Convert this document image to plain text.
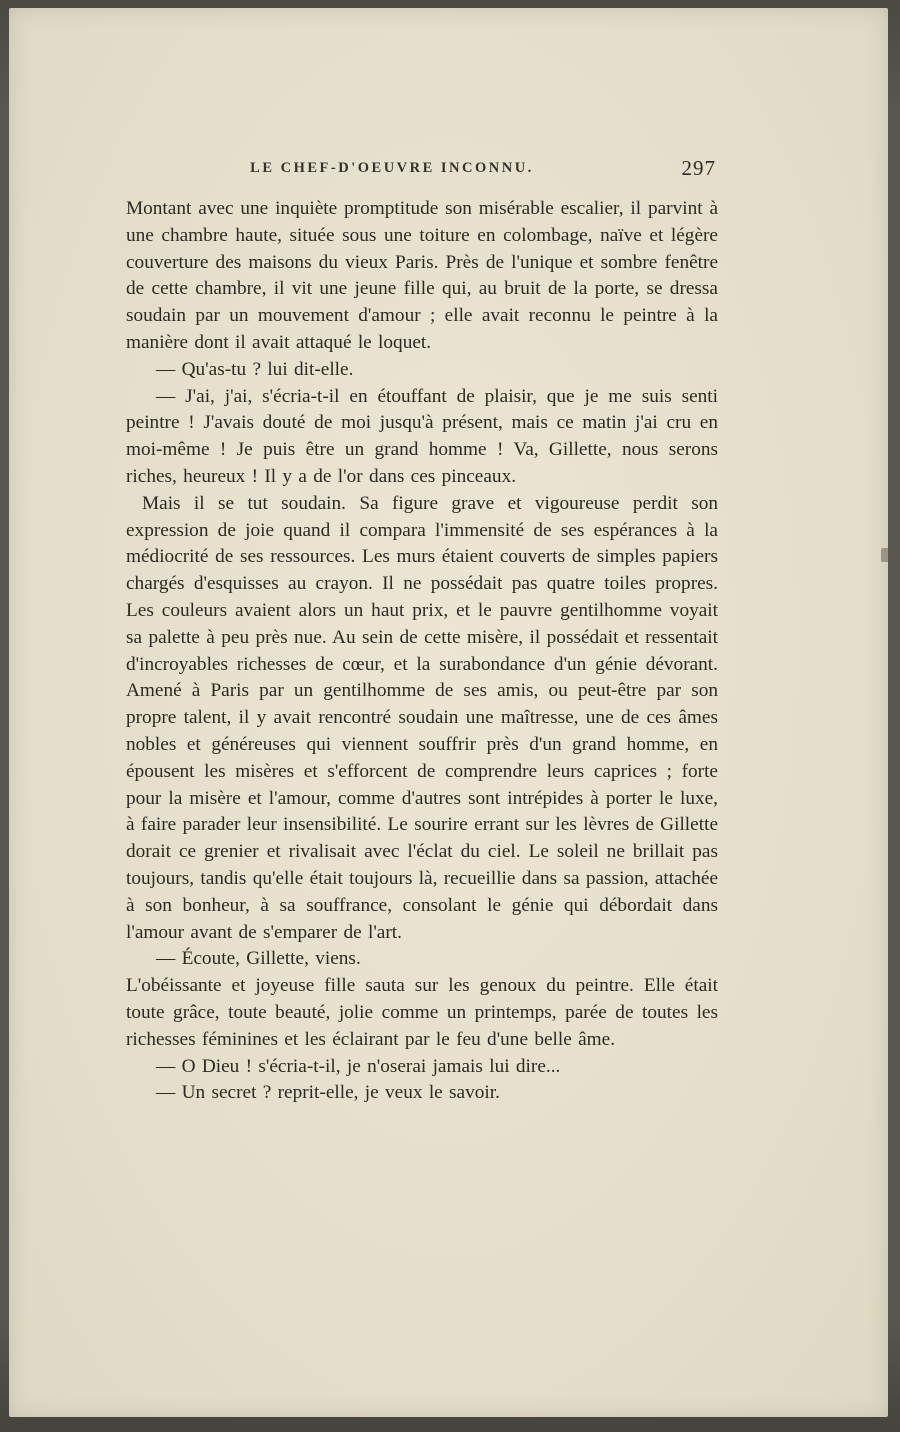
LE CHEF-D'OEUVRE INCONNU.	297

Montant avec une inquiète promptitude son misérable escalier, il parvint à une chambre haute, située sous une toiture en colombage, naïve et légère couverture des maisons du vieux Paris. Près de l'unique et sombre fenêtre de cette chambre, il vit une jeune fille qui, au bruit de la porte, se dressa soudain par un mouvement d'amour ; elle avait reconnu le peintre à la manière dont il avait attaqué le loquet.

— Qu'as-tu ? lui dit-elle.

— J'ai, j'ai, s'écria-t-il en étouffant de plaisir, que je me suis senti peintre ! J'avais douté de moi jusqu'à présent, mais ce matin j'ai cru en moi-même ! Je puis être un grand homme ! Va, Gillette, nous serons riches, heureux ! Il y a de l'or dans ces pinceaux.

Mais il se tut soudain. Sa figure grave et vigoureuse perdit son expression de joie quand il compara l'immensité de ses espérances à la médiocrité de ses ressources. Les murs étaient couverts de simples papiers chargés d'esquisses au crayon. Il ne possédait pas quatre toiles propres. Les couleurs avaient alors un haut prix, et le pauvre gentilhomme voyait sa palette à peu près nue. Au sein de cette misère, il possédait et ressentait d'incroyables richesses de cœur, et la surabondance d'un génie dévorant. Amené à Paris par un gentilhomme de ses amis, ou peut-être par son propre talent, il y avait rencontré soudain une maîtresse, une de ces âmes nobles et généreuses qui viennent souffrir près d'un grand homme, en épousent les misères et s'efforcent de comprendre leurs caprices ; forte pour la misère et l'amour, comme d'autres sont intrépides à porter le luxe, à faire parader leur insensibilité. Le sourire errant sur les lèvres de Gillette dorait ce grenier et rivalisait avec l'éclat du ciel. Le soleil ne brillait pas toujours, tandis qu'elle était toujours là, recueillie dans sa passion, attachée à son bonheur, à sa souffrance, consolant le génie qui débordait dans l'amour avant de s'emparer de l'art.

— Écoute, Gillette, viens.

L'obéissante et joyeuse fille sauta sur les genoux du peintre. Elle était toute grâce, toute beauté, jolie comme un printemps, parée de toutes les richesses féminines et les éclairant par le feu d'une belle âme.

— O Dieu ! s'écria-t-il, je n'oserai jamais lui dire...

— Un secret ? reprit-elle, je veux le savoir.
